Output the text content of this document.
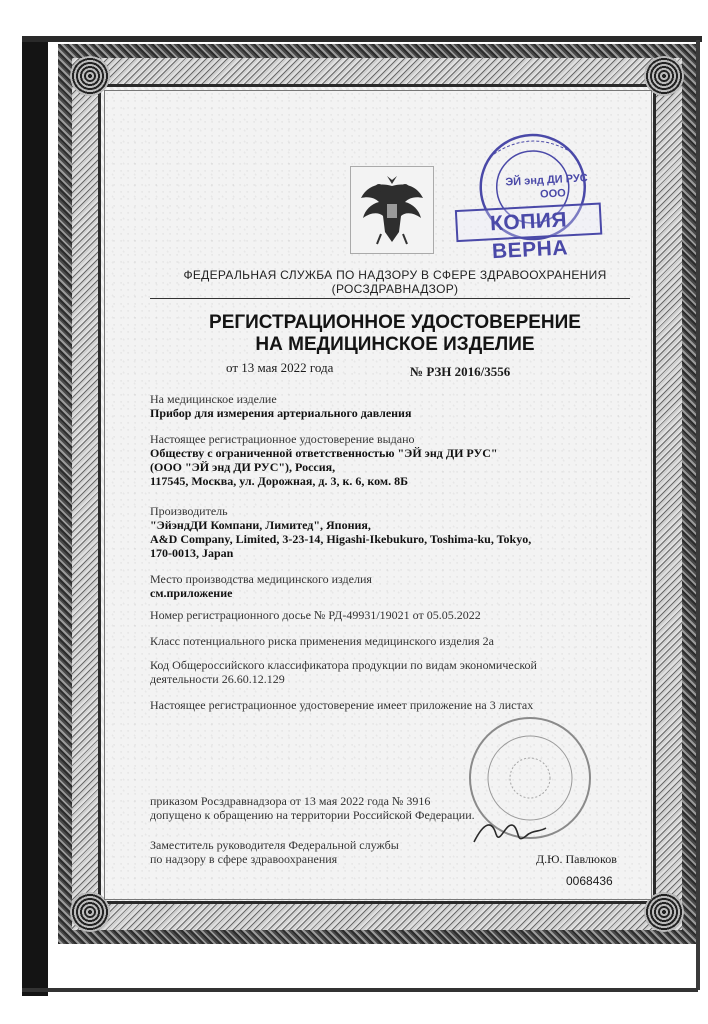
ЭЙ энд ДИ РУС
ООО
КОПИЯ ВЕРНА
ФЕДЕРАЛЬНАЯ СЛУЖБА ПО НАДЗОРУ В СФЕРЕ ЗДРАВООХРАНЕНИЯ
(РОСЗДРАВНАДЗОР)
РЕГИСТРАЦИОННОЕ УДОСТОВЕРЕНИЕ
НА МЕДИЦИНСКОЕ ИЗДЕЛИЕ
от 13 мая 2022 года	№ РЗН 2016/3556
На медицинское изделие
Прибор для измерения артериального давления
Настоящее регистрационное удостоверение выдано
Обществу с ограниченной ответственностью "ЭЙ энд ДИ РУС"
(ООО "ЭЙ энд ДИ РУС"), Россия,
117545, Москва, ул. Дорожная, д. 3, к. 6, ком. 8Б
Производитель
"ЭйэндДИ Компани, Лимитед", Япония,
A&D Company, Limited, 3-23-14, Higashi-Ikebukuro, Toshima-ku, Tokyo,
170-0013, Japan
Место производства медицинского изделия
см.приложение
Номер регистрационного досье № РД-49931/19021 от 05.05.2022
Класс потенциального риска применения медицинского изделия 2а
Код Общероссийского классификатора продукции по видам экономической
деятельности 26.60.12.129
Настоящее регистрационное удостоверение имеет приложение на 3 листах
приказом Росздравнадзора от 13 мая 2022 года № 3916
допущено к обращению на территории Российской Федерации.
Заместитель руководителя Федеральной службы
по надзору в сфере здравоохранения	Д.Ю. Павлюков
0068436
